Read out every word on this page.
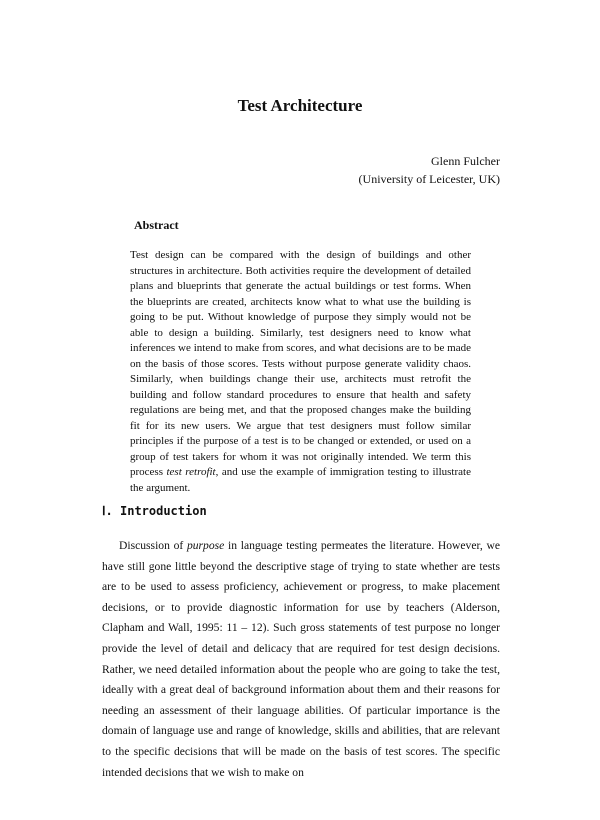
Test Architecture
Glenn Fulcher
(University of Leicester, UK)
Abstract
Test design can be compared with the design of buildings and other structures in architecture. Both activities require the development of detailed plans and blueprints that generate the actual buildings or test forms. When the blueprints are created, architects know what to what use the building is going to be put. Without knowledge of purpose they simply would not be able to design a building. Similarly, test designers need to know what inferences we intend to make from scores, and what decisions are to be made on the basis of those scores. Tests without purpose generate validity chaos. Similarly, when buildings change their use, architects must retrofit the building and follow standard procedures to ensure that health and safety regulations are being met, and that the proposed changes make the building fit for its new users. We argue that test designers must follow similar principles if the purpose of a test is to be changed or extended, or used on a group of test takers for whom it was not originally intended. We term this process test retrofit, and use the example of immigration testing to illustrate the argument.
Ⅰ. Introduction
Discussion of purpose in language testing permeates the literature. However, we have still gone little beyond the descriptive stage of trying to state whether are tests are to be used to assess proficiency, achievement or progress, to make placement decisions, or to provide diagnostic information for use by teachers (Alderson, Clapham and Wall, 1995: 11 – 12). Such gross statements of test purpose no longer provide the level of detail and delicacy that are required for test design decisions. Rather, we need detailed information about the people who are going to take the test, ideally with a great deal of background information about them and their reasons for needing an assessment of their language abilities. Of particular importance is the domain of language use and range of knowledge, skills and abilities, that are relevant to the specific decisions that will be made on the basis of test scores. The specific intended decisions that we wish to make on
